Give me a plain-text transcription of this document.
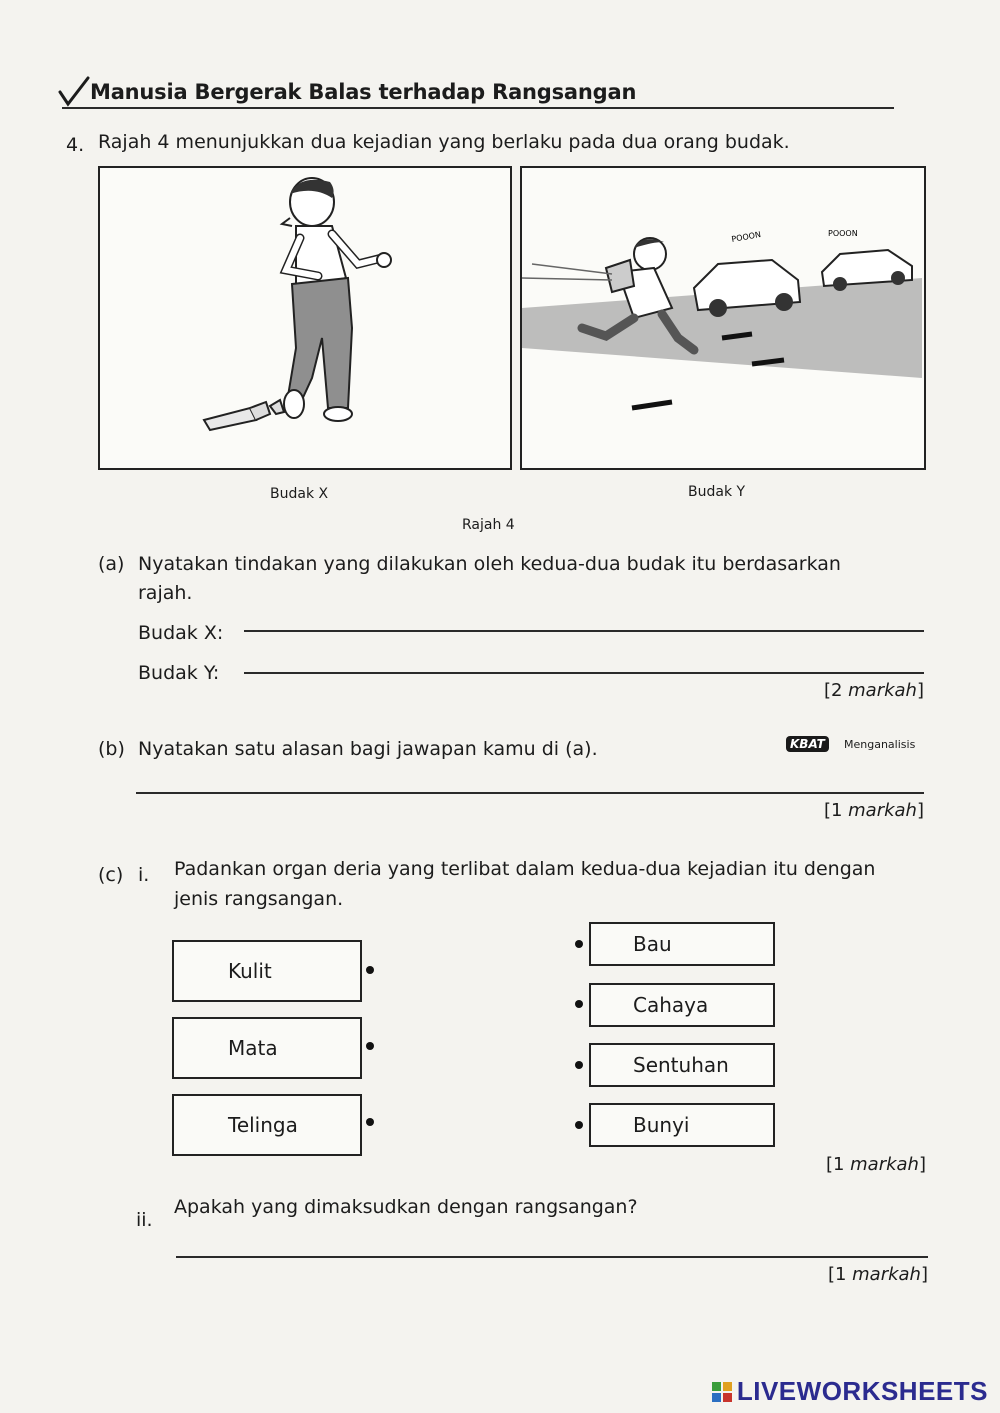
Manusia Bergerak Balas terhadap Rangsangan
4. Rajah 4 menunjukkan dua kejadian yang berlaku pada dua orang budak.
POOON	POOON
Budak X	Budak Y
Rajah 4
(a) Nyatakan tindakan yang dilakukan oleh kedua-dua budak itu berdasarkan
rajah.
Budak X:
Budak Y:
[2 markah]
(b) Nyatakan satu alasan bagi jawapan kamu di (a).	KBAT	Menganalisis
[1 markah]
(c) i. Padankan organ deria yang terlibat dalam kedua-dua kejadian itu dengan
jenis rangsangan.
Kulit
Mata
Telinga
Bau
Cahaya
Sentuhan
Bunyi
[1 markah]
ii.
Apakah yang dimaksudkan dengan rangsangan?
[1 markah]
LIVEWORKSHEETS
